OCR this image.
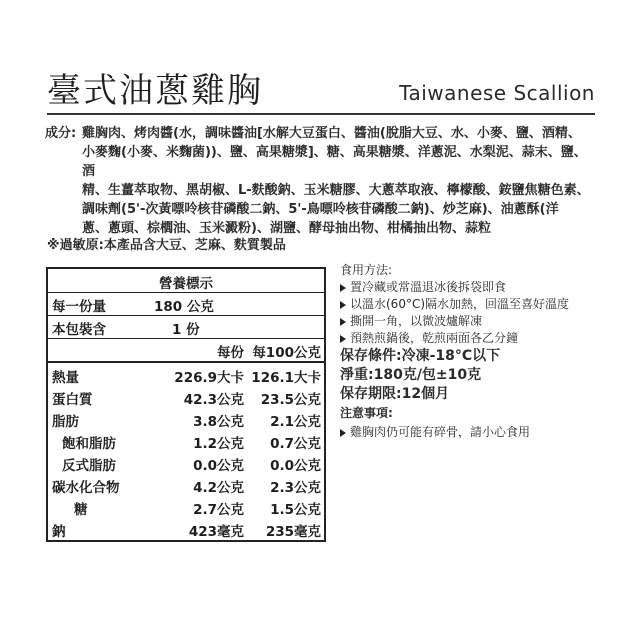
臺式油蔥雞胸	Taiwanese Scallion
成分: 雞胸肉、烤肉醬(水，調味醬油[水解大豆蛋白、醬油(脫脂大豆、水、小麥、鹽、酒精、
小麥麴(小麥、米麴菌))、鹽、高果糖漿]、糖、高果糖漿、洋蔥泥、水梨泥、蒜末、鹽、酒
精、生薑萃取物、黑胡椒、L-麩酸鈉、玉米糖膠、大蔥萃取液、檸檬酸、銨鹽焦糖色素、
調味劑(5'-次黃嘌呤核苷磷酸二鈉、5'-鳥嘌呤核苷磷酸二鈉)、炒芝麻)、油蔥酥(洋
蔥、蔥頭、棕櫚油、玉米澱粉)、湖鹽、酵母抽出物、柑橘抽出物、蒜粒
※過敏原:本產品含大豆、芝麻、麩質製品
營養標示
每一份量	180 公克
本包裝含	1 份
每份 每100公克
熱量	226.9大卡 126.1大卡
蛋白質	42.3公克 23.5公克
脂肪	3.8公克 2.1公克
飽和脂肪	1.2公克 0.7公克
反式脂肪	0.0公克 0.0公克
碳水化合物	4.2公克 2.3公克
糖	2.7公克 1.5公克
鈉	423毫克 235毫克
食用方法:
置冷藏或常溫退冰後拆袋即食
以溫水(60°C)隔水加熱，回溫至喜好溫度
撕開一角，以微波爐解凍
預熱煎鍋後，乾煎兩面各乙分鐘
保存條件:冷凍-18°C以下
淨重:180克/包±10克
保存期限:12個月
注意事項:
雞胸肉仍可能有碎骨，請小心食用
